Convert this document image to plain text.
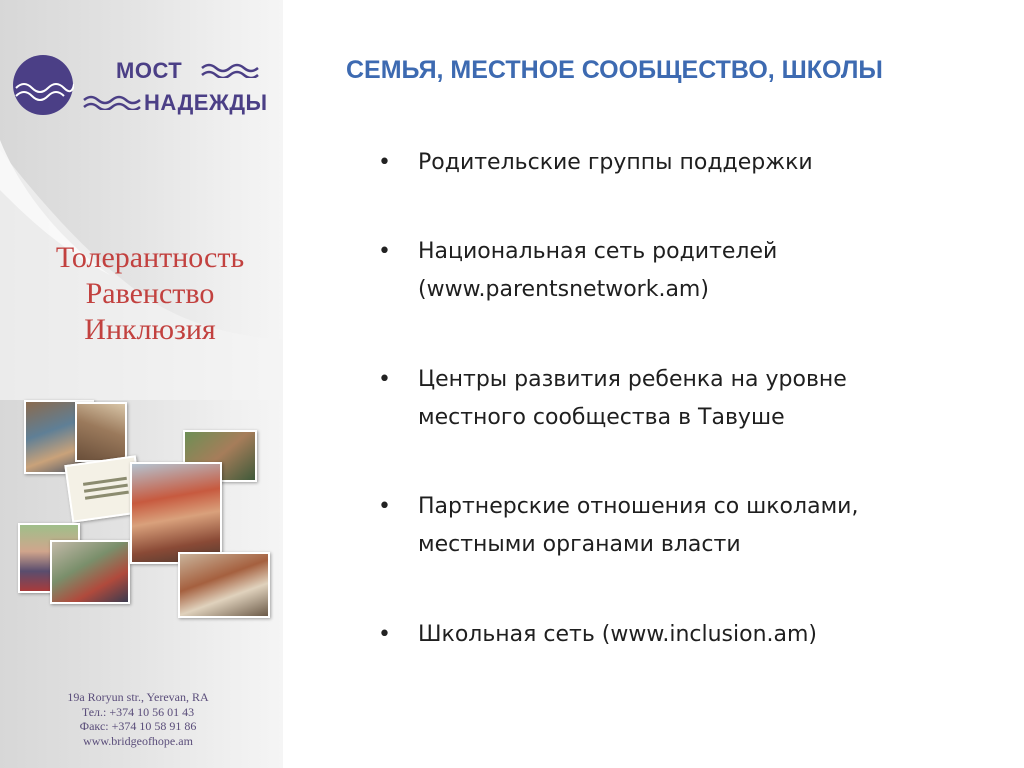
МОСТ
НАДЕЖДЫ
Толерантность
Равенство
Инклюзия
19a Roryun str., Yerevan, RA
Тел.: +374 10 56 01 43
Факс: +374 10 58 91 86
www.bridgeofhope.am
СЕМЬЯ, МЕСТНОЕ СООБЩЕСТВО, ШКОЛЫ
• Родительские группы поддержки
• Национальная сеть родителей
(www.parentsnetwork.am)
• Центры развития ребенка на уровне
местного сообщества в Тавуше
• Партнерские отношения со школами,
местными органами власти
• Школьная сеть (www.inclusion.am)
